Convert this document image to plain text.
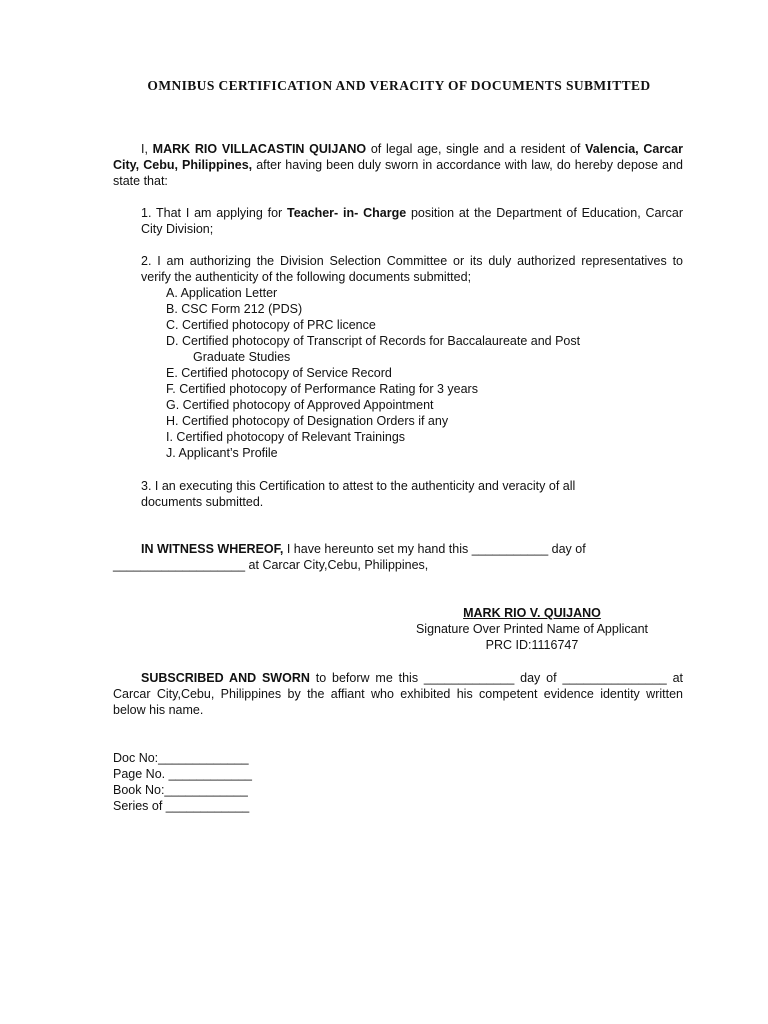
OMNIBUS CERTIFICATION AND VERACITY OF DOCUMENTS SUBMITTED
I, MARK RIO VILLACASTIN QUIJANO of legal age, single and a resident of Valencia, Carcar City, Cebu, Philippines, after having been duly sworn in accordance with law, do hereby depose and state that:
1. That I am applying for Teacher- in- Charge position at the Department of Education, Carcar City Division;
2. I am authorizing the Division Selection Committee or its duly authorized representatives to verify the authenticity of the following documents submitted;
A. Application Letter
B. CSC Form 212 (PDS)
C. Certified photocopy of PRC licence
D. Certified photocopy of Transcript of Records for Baccalaureate and Post
Graduate Studies
E. Certified photocopy of Service Record
F. Certified photocopy of Performance Rating for 3 years
G. Certified photocopy of Approved Appointment
H. Certified photocopy of Designation Orders if any
I. Certified photocopy of Relevant Trainings
J. Applicant’s Profile
3. I an executing this Certification to attest to the authenticity and veracity of all
documents submitted.
IN WITNESS WHEREOF, I have hereunto set my hand this ___________ day of
___________________ at Carcar City,Cebu, Philippines,
MARK RIO V. QUIJANO
Signature Over Printed Name of Applicant
PRC ID:1116747
SUBSCRIBED AND SWORN to beforw me this _____________ day of _______________ at Carcar City,Cebu, Philippines by the affiant who exhibited his competent evidence identity written below his name.
Doc No:_____________
Page No. ____________
Book No:____________
Series of ____________
